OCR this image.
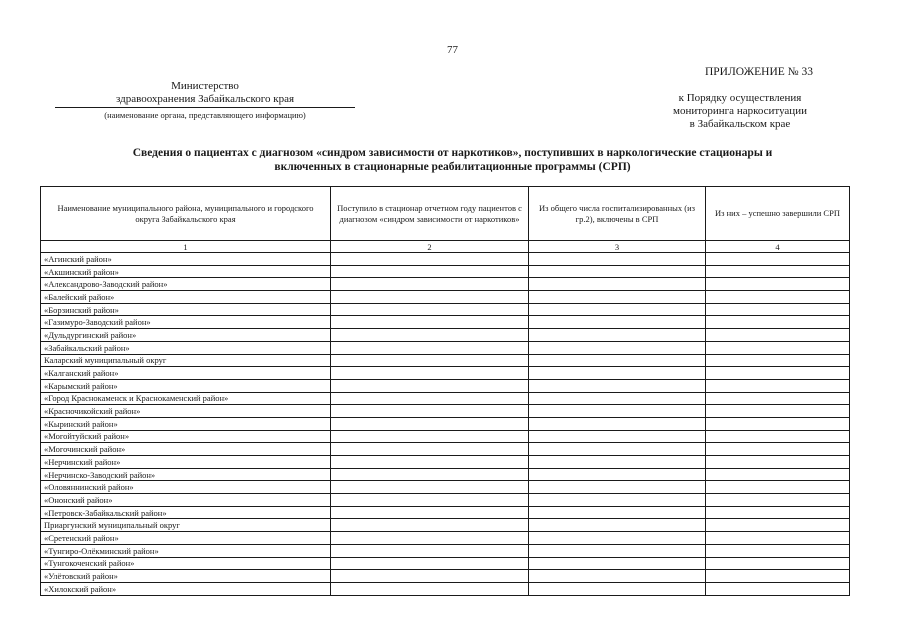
77
Министерство
здравоохранения Забайкальского края
(наименование органа, представляющего информацию)
ПРИЛОЖЕНИЕ № 33
к Порядку осуществления
мониторинга наркоситуации
в Забайкальском крае
Сведения о пациентах с диагнозом «синдром зависимости от наркотиков», поступивших в наркологические стационары и
включенных в стационарные реабилитационные программы (СРП)
Наименование муниципального района, муниципального и городского округа Забайкальского края	Поступило в стационар отчетном году пациентов с диагнозом «синдром зависимости от наркотиков»	Из общего числа госпитализированных (из гр.2), включены в СРП	Из них – успешно завершили СРП
1	2	3	4
«Агинский район»			
«Акшинский район»			
«Александрово-Заводский район»			
«Балейский район»			
«Борзинский район»			
«Газимуро-Заводский район»			
«Дульдургинский район»			
«Забайкальский район»			
Каларский муниципальный округ			
«Калганский район»			
«Карымский район»			
«Город Краснокаменск и Краснокаменский район»			
«Красночикойский район»			
«Кыринский район»			
«Могойтуйский район»			
«Могочинский район»			
«Нерчинский район»			
«Нерчинско-Заводский район»			
«Оловяннинский район»			
«Ононский район»			
«Петровск-Забайкальский район»			
Приаргунский муниципальный округ			
«Сретенский район»			
«Тунгиро-Олёкминский район»			
«Тунгокоченский район»			
«Улётовский район»			
«Хилокский район»			
